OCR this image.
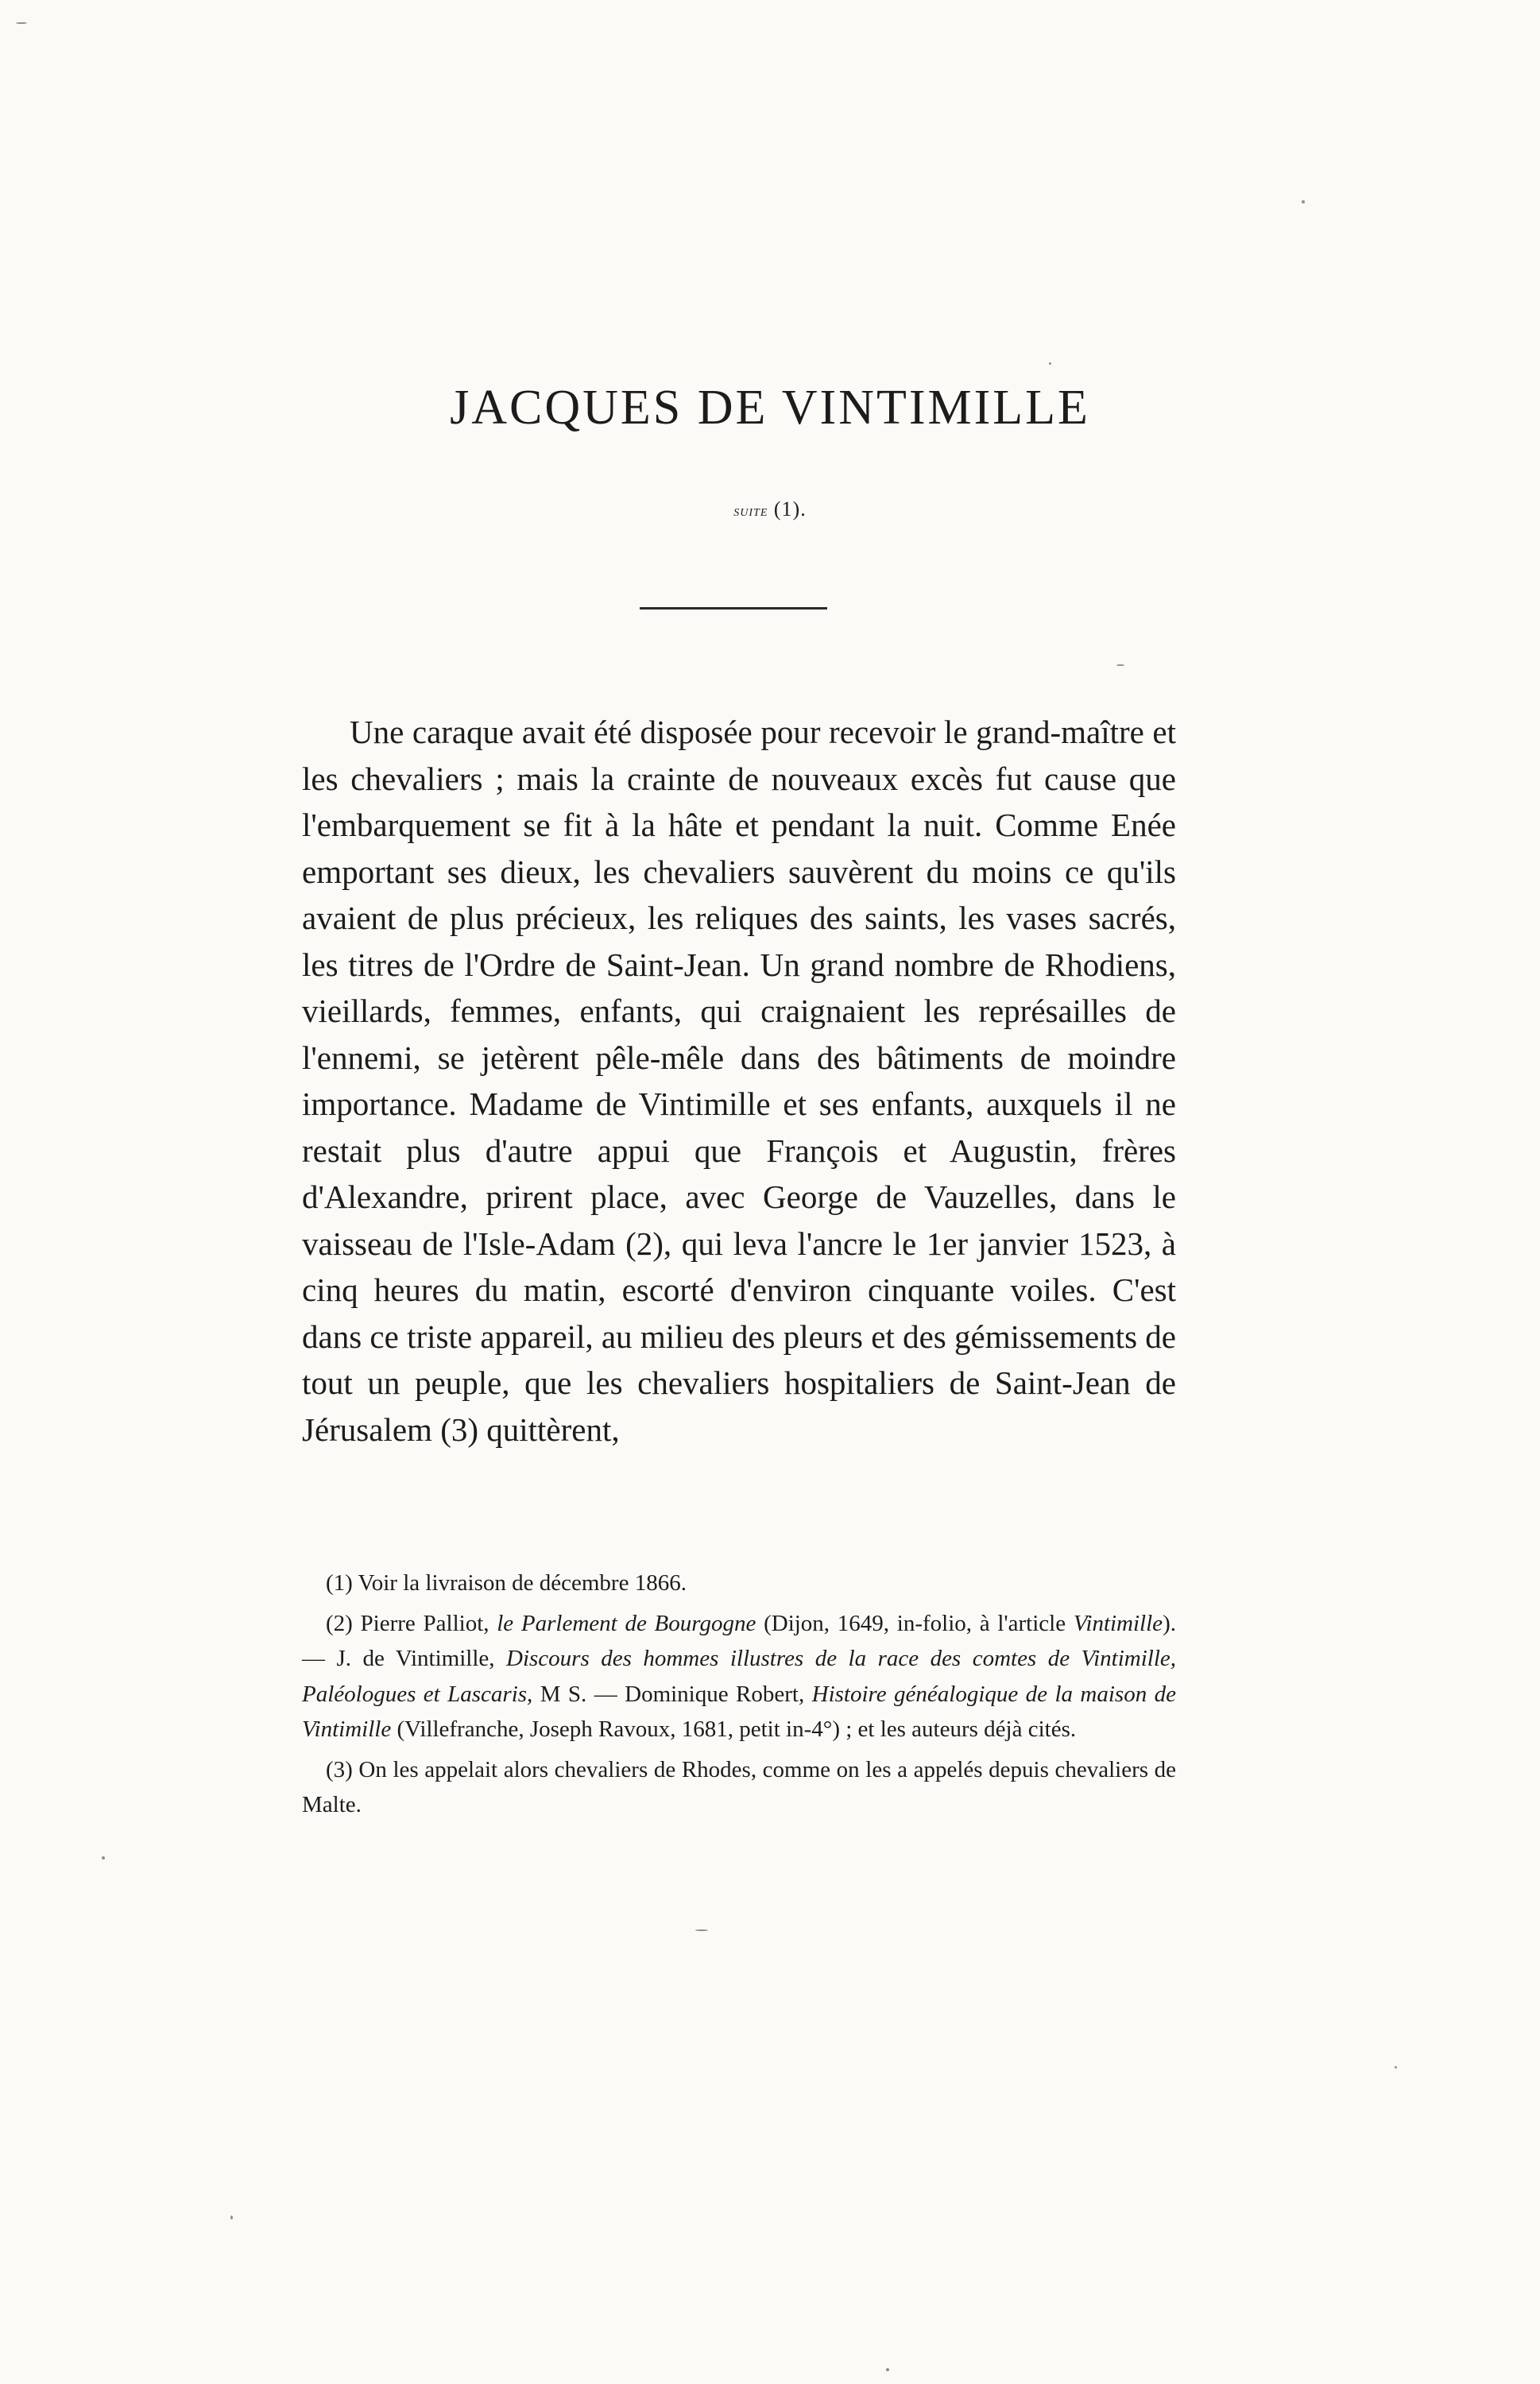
JACQUES DE VINTIMILLE
suite (1).

Une caraque avait été disposée pour recevoir le grand-maître et les chevaliers ; mais la crainte de nouveaux excès fut cause que l'embarquement se fit à la hâte et pendant la nuit. Comme Enée emportant ses dieux, les chevaliers sauvèrent du moins ce qu'ils avaient de plus précieux, les reliques des saints, les vases sacrés, les titres de l'Ordre de Saint-Jean. Un grand nombre de Rhodiens, vieillards, femmes, enfants, qui craignaient les représailles de l'ennemi, se jetèrent pêle-mêle dans des bâtiments de moindre importance. Madame de Vintimille et ses enfants, auxquels il ne restait plus d'autre appui que François et Augustin, frères d'Alexandre, prirent place, avec George de Vauzelles, dans le vaisseau de l'Isle-Adam (2), qui leva l'ancre le 1er janvier 1523, à cinq heures du matin, escorté d'environ cinquante voiles. C'est dans ce triste appareil, au milieu des pleurs et des gémissements de tout un peuple, que les chevaliers hospitaliers de Saint-Jean de Jérusalem (3) quittèrent,

(1) Voir la livraison de décembre 1866.

(2) Pierre Palliot, le Parlement de Bourgogne (Dijon, 1649, in-folio, à l'article Vintimille). — J. de Vintimille, Discours des hommes illustres de la race des comtes de Vintimille, Paléologues et Lascaris, M S. — Dominique Robert, Histoire généalogique de la maison de Vintimille (Villefranche, Joseph Ravoux, 1681, petit in-4°) ; et les auteurs déjà cités.

(3) On les appelait alors chevaliers de Rhodes, comme on les a appelés depuis chevaliers de Malte.
